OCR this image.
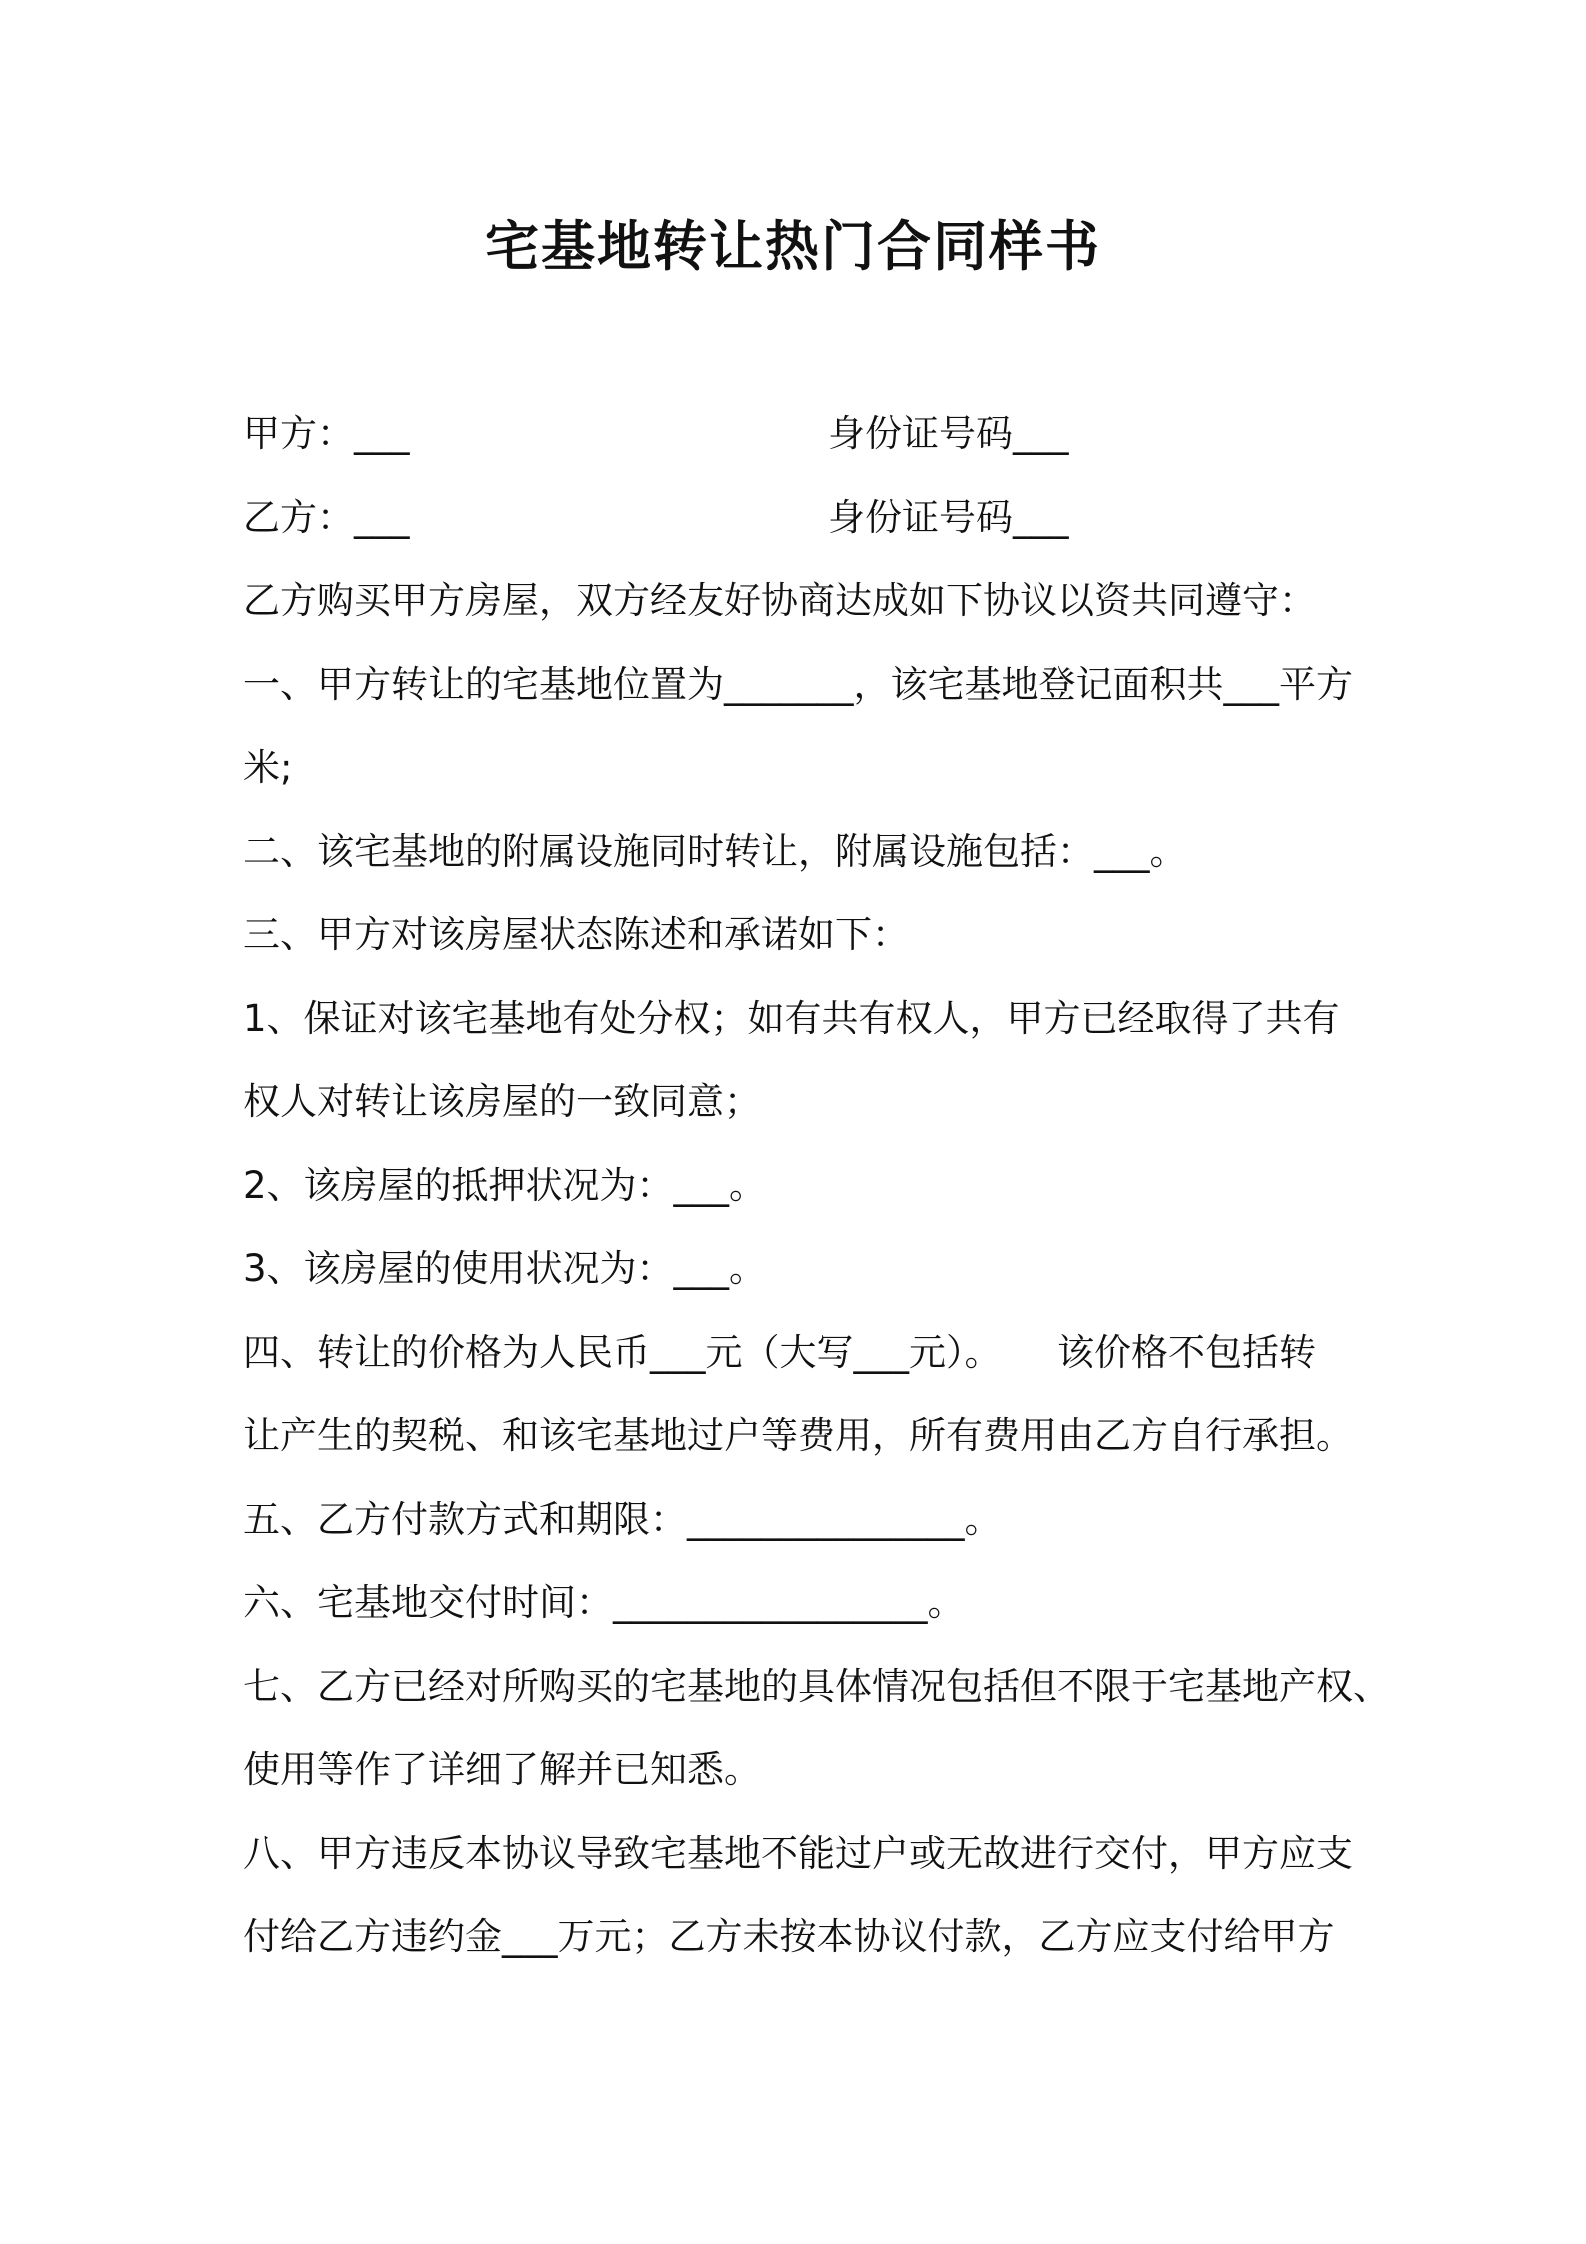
宅基地转让热门合同样书
甲方：___	身份证号码___
乙方：___	身份证号码___
乙方购买甲方房屋，双方经友好协商达成如下协议以资共同遵守：
一、甲方转让的宅基地位置为_______，该宅基地登记面积共___平方
米;
二、该宅基地的附属设施同时转让，附属设施包括：___。
三、甲方对该房屋状态陈述和承诺如下：
1、保证对该宅基地有处分权；如有共有权人，甲方已经取得了共有
权人对转让该房屋的一致同意；
2、该房屋的抵押状况为：___。
3、该房屋的使用状况为：___。
四、转让的价格为人民币___元（大写___元）。　　该价格不包括转
让产生的契税、和该宅基地过户等费用，所有费用由乙方自行承担。
五、乙方付款方式和期限：_______________。
六、宅基地交付时间：_________________。
七、乙方已经对所购买的宅基地的具体情况包括但不限于宅基地产权、
使用等作了详细了解并已知悉。
八、甲方违反本协议导致宅基地不能过户或无故进行交付，甲方应支
付给乙方违约金___万元；乙方未按本协议付款，乙方应支付给甲方
